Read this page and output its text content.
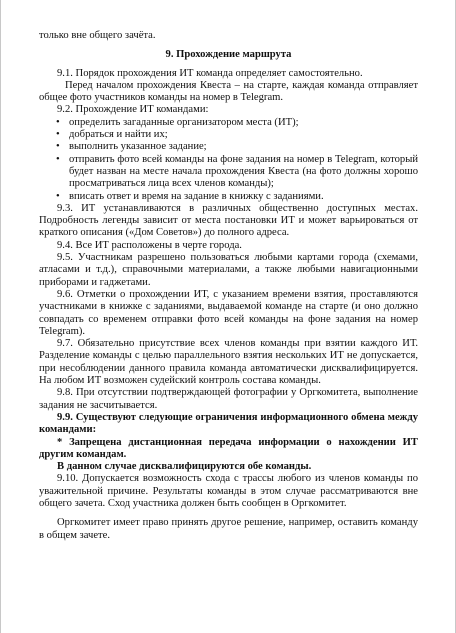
только вне общего зачёта.

9. Прохождение маршрута

9.1. Порядок прохождения ИТ команда определяет самостоятельно.

Перед началом прохождения Квеста – на старте, каждая команда отправляет общее фото участников команды на номер в Telegram.

9.2. Прохождение ИТ командами:

• определить загаданные организатором места (ИТ);
• добраться и найти их;
• выполнить указанное задание;
• отправить фото всей команды на фоне задания на номер в Telegram, который будет назван на месте начала прохождения Квеста (на фото должны хорошо просматриваться лица всех членов команды);
• вписать ответ и время на задание в книжку с заданиями.

9.3. ИТ устанавливаются в различных общественно доступных местах. Подробность легенды зависит от места постановки ИТ и может варьироваться от краткого описания («Дом Советов») до полного адреса.

9.4. Все ИТ расположены в черте города.

9.5. Участникам разрешено пользоваться любыми картами города (схемами, атласами и т.д.), справочными материалами, а также любыми навигационными приборами и гаджетами.

9.6. Отметки о прохождении ИТ, с указанием времени взятия, проставляются участниками в книжке с заданиями, выдаваемой команде на старте (и оно должно совпадать со временем отправки фото всей команды на фоне задания на номер Telegram).

9.7. Обязательно присутствие всех членов команды при взятии каждого ИТ. Разделение команды с целью параллельного взятия нескольких ИТ не допускается, при несоблюдении данного правила команда автоматически дисквалифицируется. На любом ИТ возможен судейский контроль состава команды.

9.8. При отсутствии подтверждающей фотографии у Оргкомитета, выполнение задания не засчитывается.

9.9. Существуют следующие ограничения информационного обмена между командами:

* Запрещена дистанционная передача информации о нахождении ИТ другим командам.

В данном случае дисквалифицируются обе команды.

9.10. Допускается возможность схода с трассы любого из членов команды по уважительной причине. Результаты команды в этом случае рассматриваются вне общего зачета. Сход участника должен быть сообщен в Оргкомитет.

Оргкомитет имеет право принять другое решение, например, оставить команду в общем зачете.
